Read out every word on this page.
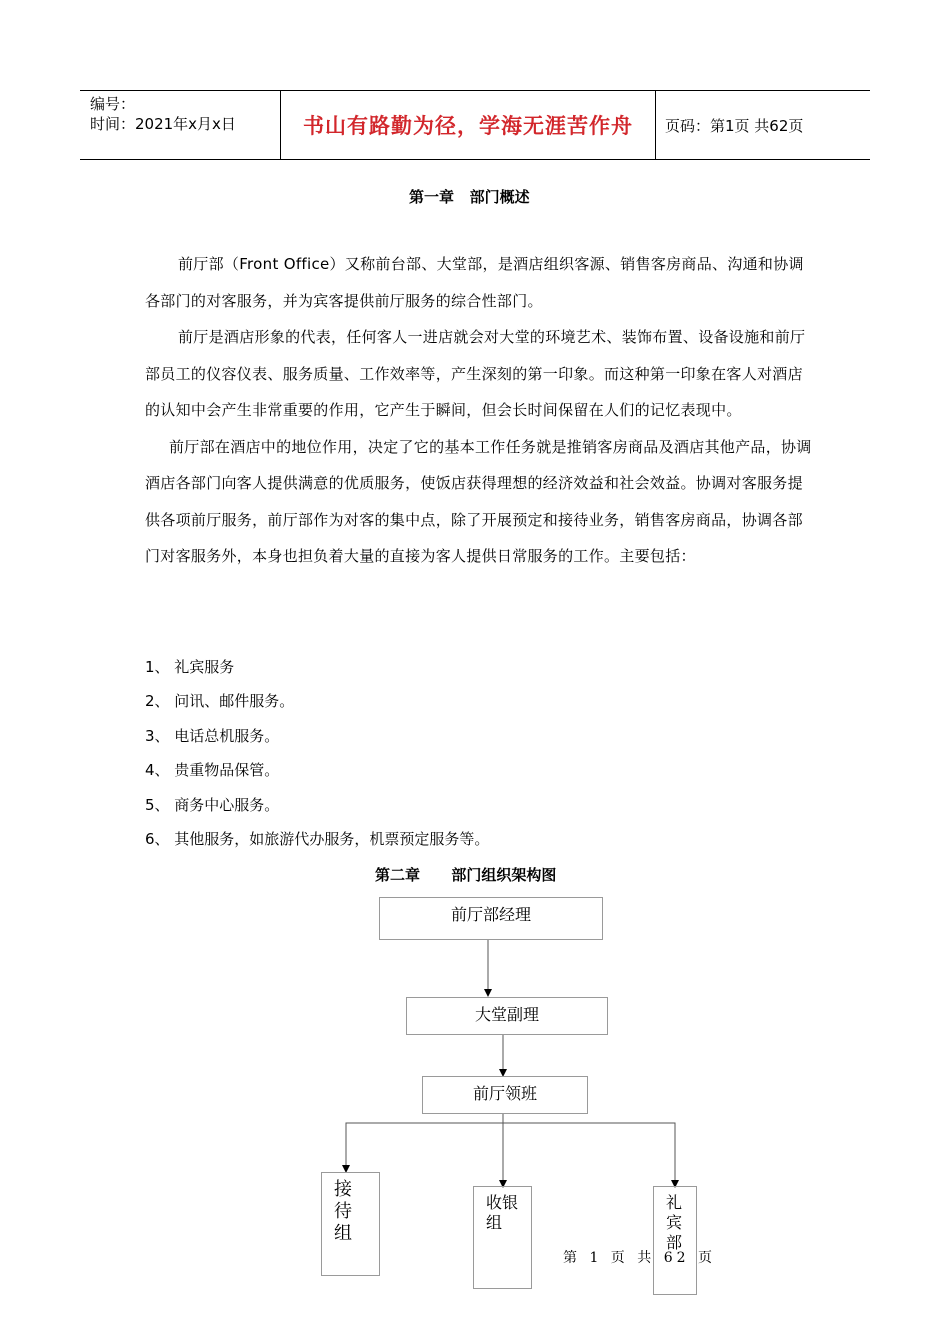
编号：
时间：2021年x月x日	书山有路勤为径，学海无涯苦作舟 页码：第1页 共62页
第一章   部门概述

前厅部（Front Office）又称前台部、大堂部，是酒店组织客源、销售客房商品、沟通和协调各部门的对客服务，并为宾客提供前厅服务的综合性部门。

前厅是酒店形象的代表，任何客人一进店就会对大堂的环境艺术、装饰布置、设备设施和前厅部员工的仪容仪表、服务质量、工作效率等，产生深刻的第一印象。而这种第一印象在客人对酒店的认知中会产生非常重要的作用，它产生于瞬间，但会长时间保留在人们的记忆表现中。

前厅部在酒店中的地位作用，决定了它的基本工作任务就是推销客房商品及酒店其他产品，协调酒店各部门向客人提供满意的优质服务，使饭店获得理想的经济效益和社会效益。协调对客服务提供各项前厅服务，前厅部作为对客的集中点，除了开展预定和接待业务，销售客房商品，协调各部门对客服务外，本身也担负着大量的直接为客人提供日常服务的工作。主要包括：

1、 礼宾服务
2、 问讯、邮件服务。
3、 电话总机服务。
4、 贵重物品保管。
5、 商务中心服务。
6、 其他服务，如旅游代办服务，机票预定服务等。
第二章      部门组织架构图
前厅部经理
大堂副理
前厅领班
接待组
收银组
礼宾部
第 1 页 共 62 页
